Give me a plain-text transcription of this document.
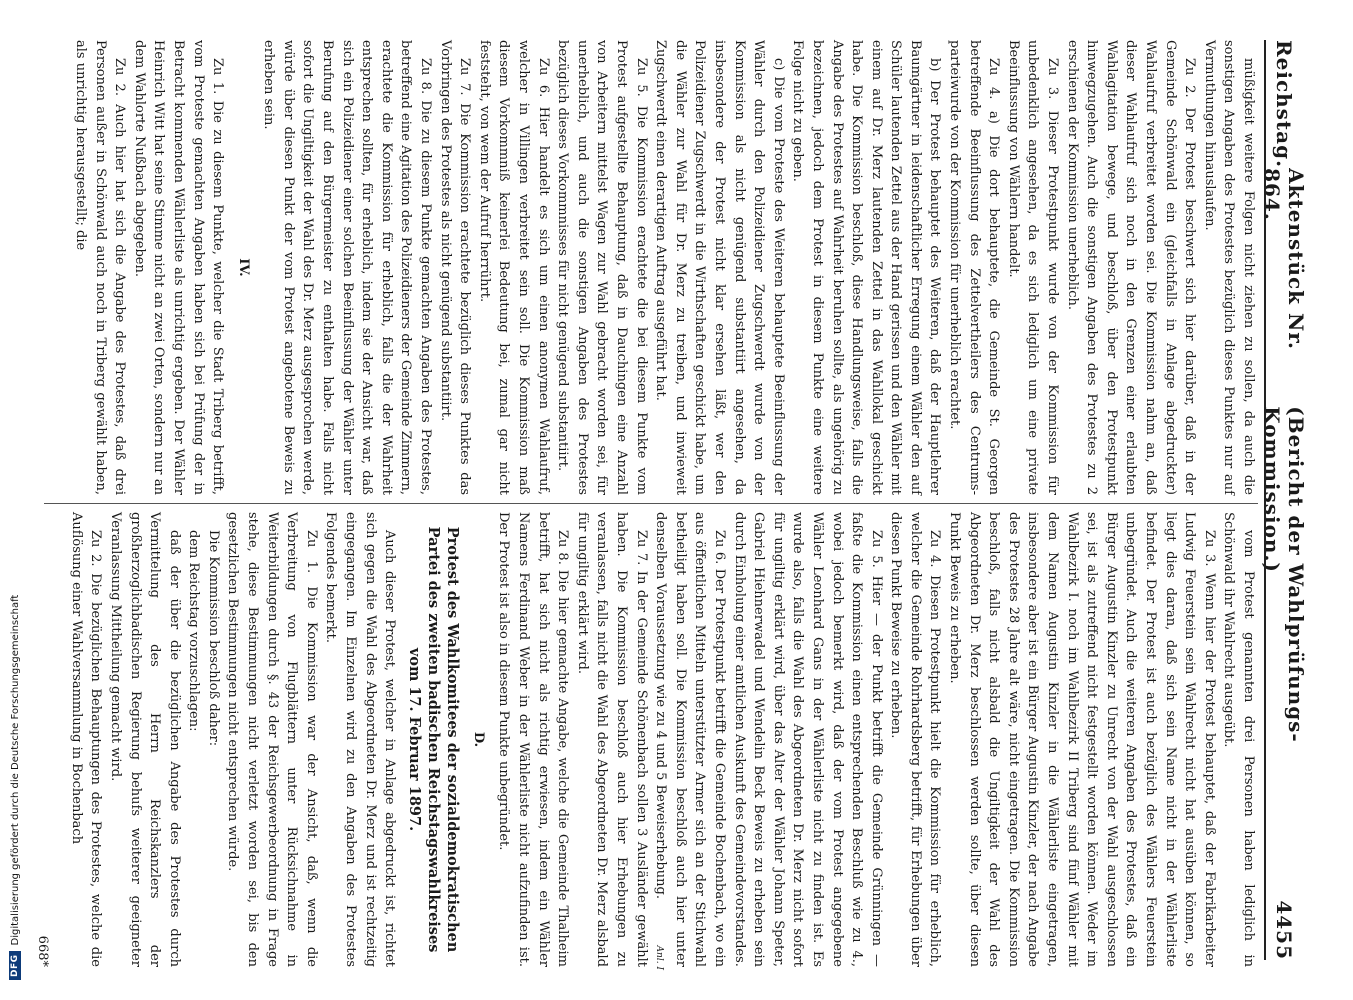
Reichstag.
Aktenstück Nr. 864.
(Bericht der Wahlprüfungs-Kommission.)
4455

müßigkeit weitere Folgen nicht ziehen zu sollen, da auch die sonstigen Angaben des Protestes bezüglich dieses Punktes nur auf Vermuthungen hinauslaufen.

Zu 2. Der Protest beschwert sich hier darüber, daß in der Gemeinde Schönwald ein (gleichfalls in Anlage abgedruckter) Wahlaufruf verbreitet worden sei. Die Kommission nahm an, daß dieser Wahlaufruf sich noch in den Grenzen einer erlaubten Wahlagitation bewege, und beschloß, über den Protestpunkt hinwegzugehen. Auch die sonstigen Angaben des Protestes zu 2 erschienen der Kommission unerheblich.

Zu 3. Dieser Protestpunkt wurde von der Kommission für unbedenklich angesehen, da es sich lediglich um eine private Beeinflussung von Wählern handelt.

Zu 4. a) Die dort behauptete, die Gemeinde St. Georgen betreffende Beeinflussung des Zettelvertheilers des Centrums-parteiwurde von der Kommission für unerheblich erachtet.

b) Der Protest behauptet des Weiteren, daß der Hauptlehrer Baumgärtner in leidenschaftlicher Erregung einem Wähler den auf Schüler lautenden Zettel aus der Hand gerissen und den Wähler mit einem auf Dr. Merz lautenden Zettel in das Wahllokal geschickt habe. Die Kommission beschloß, diese Handlungsweise, falls die Angabe des Protestes auf Wahrheit beruhen sollte, als ungehörig zu bezeichnen, jedoch dem Protest in diesem Punkte eine weitere Folge nicht zu geben.

c) Die vom Proteste des Weiteren behauptete Beeinflussung der Wähler durch den Polizeidiener Zugschwerdt wurde von der Kommission als nicht genügend substantiirt angesehen, da insbesondere der Protest nicht klar ersehen läßt, wer den Polizeidiener Zugschwerdt in die Wirthschaften geschickt habe, um die Wähler zur Wahl für Dr. Merz zu treiben, und inwieweit Zugschwerdt einen derartigen Auftrag ausgeführt hat.

Zu 5. Die Kommission erachtete die bei diesem Punkte vom Protest aufgestellte Behauptung, daß in Dauchingen eine Anzahl von Arbeitern mittelst Wagen zur Wahl gebracht worden sei, für unerheblich, und auch die sonstigen Angaben des Protestes bezüglich dieses Vorkommnisses für nicht genügend substantiirt.

Zu 6. Hier handelt es sich um einen anonymen Wahlaufruf, welcher in Villingen verbreitet sein soll. Die Kommission maß diesem Vorkommniß keinerlei Bedeutung bei, zumal gar nicht feststeht, von wem der Aufruf herrührt.

Zu 7. Die Kommission erachtete bezüglich dieses Punktes das Vorbringen des Protestes als nicht genügend substantiirt.

Zu 8. Die zu diesem Punkte gemachten Angaben des Protestes, betreffend eine Agitation des Polizeidieners der Gemeinde Zimmern, erachtete die Kommission für erheblich, falls die der Wahrheit entsprechen sollten, für erheblich, indem sie der Ansicht war, daß sich ein Polizeidiener einer solchen Beeinflussung der Wähler unter Berufung auf den Bürgermeister zu enthalten habe. Falls nicht sofort die Ungiltigkeit der Wahl des Dr. Merz ausgesprochen werde, würde über diesen Punkt der vom Protest angebotene Beweis zu erheben sein.

IV.

Zu 1. Die zu diesem Punkte, welcher die Stadt Triberg betrifft, vom Proteste gemachten Angaben haben sich bei Prüfung der in Betracht kommenden Wählerliste als unrichtig ergeben. Der Wähler Heinrich Witt hat seine Stimme nicht an zwei Orten, sondern nur an dem Wahlorte Nußbach abgegeben.

Zu 2. Auch hier hat sich die Angabe des Protestes, daß drei Personen außer in Schönwald auch noch in Triberg gewählt haben, als unrichtig herausgestellt; die

vom Protest genannten drei Personen haben lediglich in Schönwald ihr Wahlrecht ausgeübt.

Zu 3. Wenn hier der Protest behauptet, daß der Fabrikarbeiter Ludwig Feuerstein sein Wahlrecht nicht hat ausüben können, so liegt dies daran, daß sich sein Name nicht in der Wählerliste befindet. Der Protest ist auch bezüglich des Wählers Feuerstein unbegründet. Auch die weiteren Angaben des Protestes, daß ein Bürger Augustin Kinzler zu Unrecht von der Wahl ausgeschlossen sei, ist als zutreffend nicht festgestellt worden können. Weder im Wahlbezirk I. noch im Wahlbezirk II Triberg sind fünf Wähler mit dem Namen Augustin Kinzler in die Wählerliste eingetragen, insbesondere aber ist ein Bürger Augustin Kinzler, der nach Angabe des Protestes 28 Jahre alt wäre, nicht eingetragen. Die Kommission beschloß, falls nicht alsbald die Ungiltigkeit der Wahl des Abgeordneten Dr. Merz beschlossen werden sollte, über diesen Punkt Beweis zu erheben.

Zu 4. Diesen Protestpunkt hielt die Kommission für erheblich, welcher die Gemeinde Rohrhardsberg betrifft, für Erhebungen über diesen Punkt Beweise zu erheben.

Zu 5. Hier — der Punkt betrifft die Gemeinde Grünningen — faßte die Kommission einen entsprechenden Beschluß wie zu 4., wobei jedoch bemerkt wird, daß der vom Protest angegebene Wähler Leonhard Gans in der Wählerliste nicht zu finden ist. Es wurde also, falls die Wahl des Abgeordneten Dr. Merz nicht sofort für ungiltig erklärt wird, über das Alter der Wähler Johann Speter, Gabriel Hiehnerwadel und Wendelin Beck Beweis zu erheben sein durch Einholung einer amtlichen Auskunft des Gemeindevorstandes.

Zu 6. Der Protestpunkt betrifft die Gemeinde Bochenbach, wo ein aus öffentlichen Mitteln unterstützter Armer sich an der Stichwahl betheiligt haben soll. Die Kommission beschloß auch hier unter denselben Voraussetzung wie zu 4 und 5 Beweiserhebung.

Zu 7. In der Gemeinde Schönenbach sollen 3 Ausländer gewählt haben. Die Kommission beschloß auch hier Erhebungen zu veranlassen, falls nicht die Wahl des Abgeordneten Dr. Merz alsbald für ungiltig erklärt wird.

Zu 8. Die hier gemachte Angabe, welche die Gemeinde Thalheim betrifft, hat sich nicht als richtig erwiesen, indem ein Wähler Namens Ferdinand Weber in der Wählerliste nicht aufzufinden ist. Der Protest ist also in diesem Punkte unbegründet.

D.

Protest des Wahlkomitees der sozialdemokratischen Partei des zweiten badischen Reichstagswahlkreises vom 17. Februar 1897.

Auch dieser Protest, welcher in Anlage abgedruckt ist, richtet sich gegen die Wahl des Abgeordneten Dr. Merz und ist rechtzeitig eingegangen. Im Einzelnen wird zu den Angaben des Protestes Folgendes bemerkt.

Zu 1. Die Kommission war der Ansicht, daß, wenn die Verbreitung von Flugblättern unter Rücksichnahme in Weiterbildungen durch §. 43 der Reichsgewerbeordnung in Frage stehe, diese Bestimmungen nicht verletzt worden sei, bis den gesetzlichen Bestimmungen nicht entsprechen würde.

Die Kommission beschloß daher:

dem Reichstag vorzuschlagen:

daß der über die bezüglichen Angabe des Protestes durch Vermittelung des Herrn Reichskanzlers der großherzoglichbadischen Regierung behufs weiterer geeigneter Veranlassung Mittheilung gemacht wird.

Zu 2. Die bezüglichen Behauptungen des Protestes, welche die Auflösung einer Wahlversammlung in Bochenbach

668*	Anl. I
DFG
Digitalisierung gefördert durch die Deutsche Forschungsgemeinschaft
